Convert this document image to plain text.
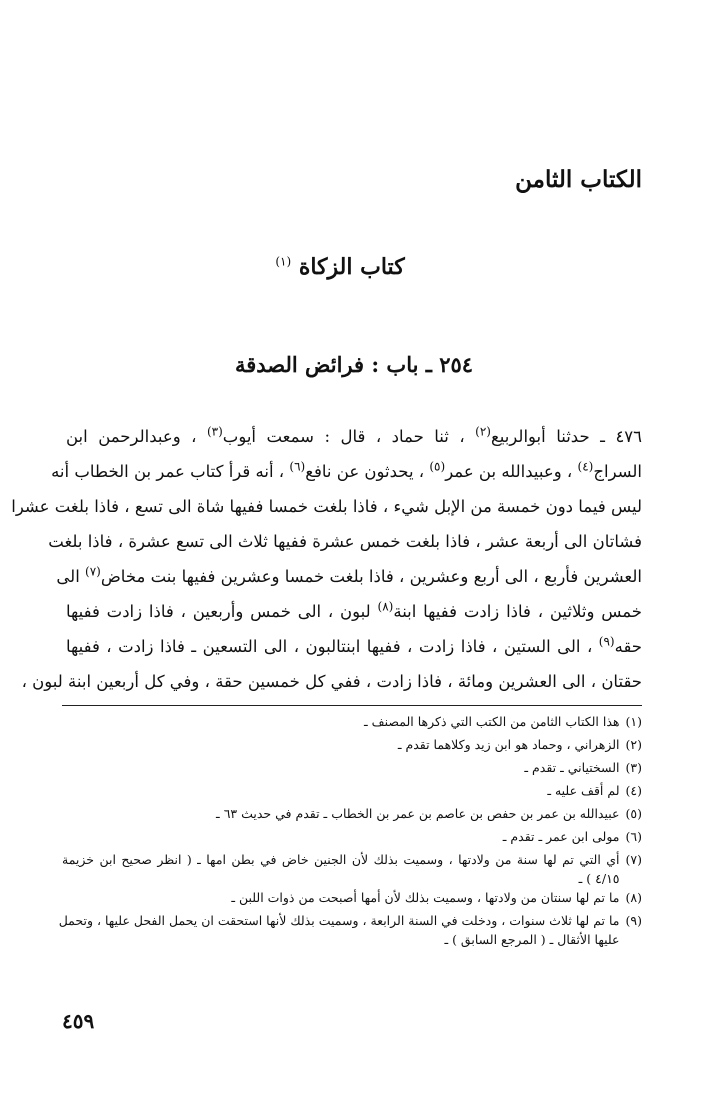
الكتاب الثامن
كتاب الزكاة $^{(١)}$
٢٥٤ ـ باب : فرائض الصدقة
٤٧٦ ـ حدثنا أبوالربيع$^{(٢)}$ ، ثنا حماد ، قال : سمعت أيوب$^{(٣)}$ ، وعبدالرحمن ابن
السراج$^{(٤)}$ ، وعبيدالله بن عمر$^{(٥)}$ ، يحدثون عن نافع$^{(٦)}$ ، أنه قرأ كتاب عمر بن الخطاب أنه
ليس فيما دون خمسة من الإبل شيء ، فاذا بلغت خمسا ففيها شاة الى تسع ، فاذا بلغت عشرا
فشاتان الى أربعة عشر ، فاذا بلغت خمس عشرة ففيها ثلاث الى تسع عشرة ، فاذا بلغت
العشرين فأربع ، الى أربع وعشرين ، فاذا بلغت خمسا وعشرين ففيها بنت مخاض$^{(٧)}$ الى
خمس وثلاثين ، فاذا زادت ففيها ابنة$^{(٨)}$ لبون ، الى خمس وأربعين ، فاذا زادت ففيها
حقه$^{(٩)}$ ، الى الستين ، فاذا زادت ، ففيها ابنتالبون ، الى التسعين ـ فاذا زادت ، ففيها
حقتان ، الى العشرين ومائة ، فاذا زادت ، ففي كل خمسين حقة ، وفي كل أربعين ابنة لبون ،
(١)
هذا الكتاب الثامن من الكتب التي ذكرها المصنف ـ
(٢)
الزهراني ، وحماد هو ابن زيد وكلاهما تقدم ـ
(٣)
السختياني ـ تقدم ـ
(٤)
لم أقف عليه ـ
(٥)
عبيدالله بن عمر بن حفص بن عاصم بن عمر بن الخطاب ـ تقدم في حديث ٦٣ ـ
(٦)
مولى ابن عمر ـ تقدم ـ
(٧)
أي التي تم لها سنة من ولادتها ، وسميت بذلك لأن الجنين خاض في بطن امها ـ ( انظر صحيح ابن خزيمة
٤/١٥ ) ـ
(٨)
ما تم لها سنتان من ولادتها ، وسميت بذلك لأن أمها أصبحت من ذوات اللبن ـ
(٩)
ما تم لها ثلاث سنوات ، ودخلت في السنة الرابعة ، وسميت بذلك لأنها استحقت ان يحمل الفحل عليها ، وتحمل
عليها الأثقال ـ ( المرجع السابق ) ـ
٤٥٩
